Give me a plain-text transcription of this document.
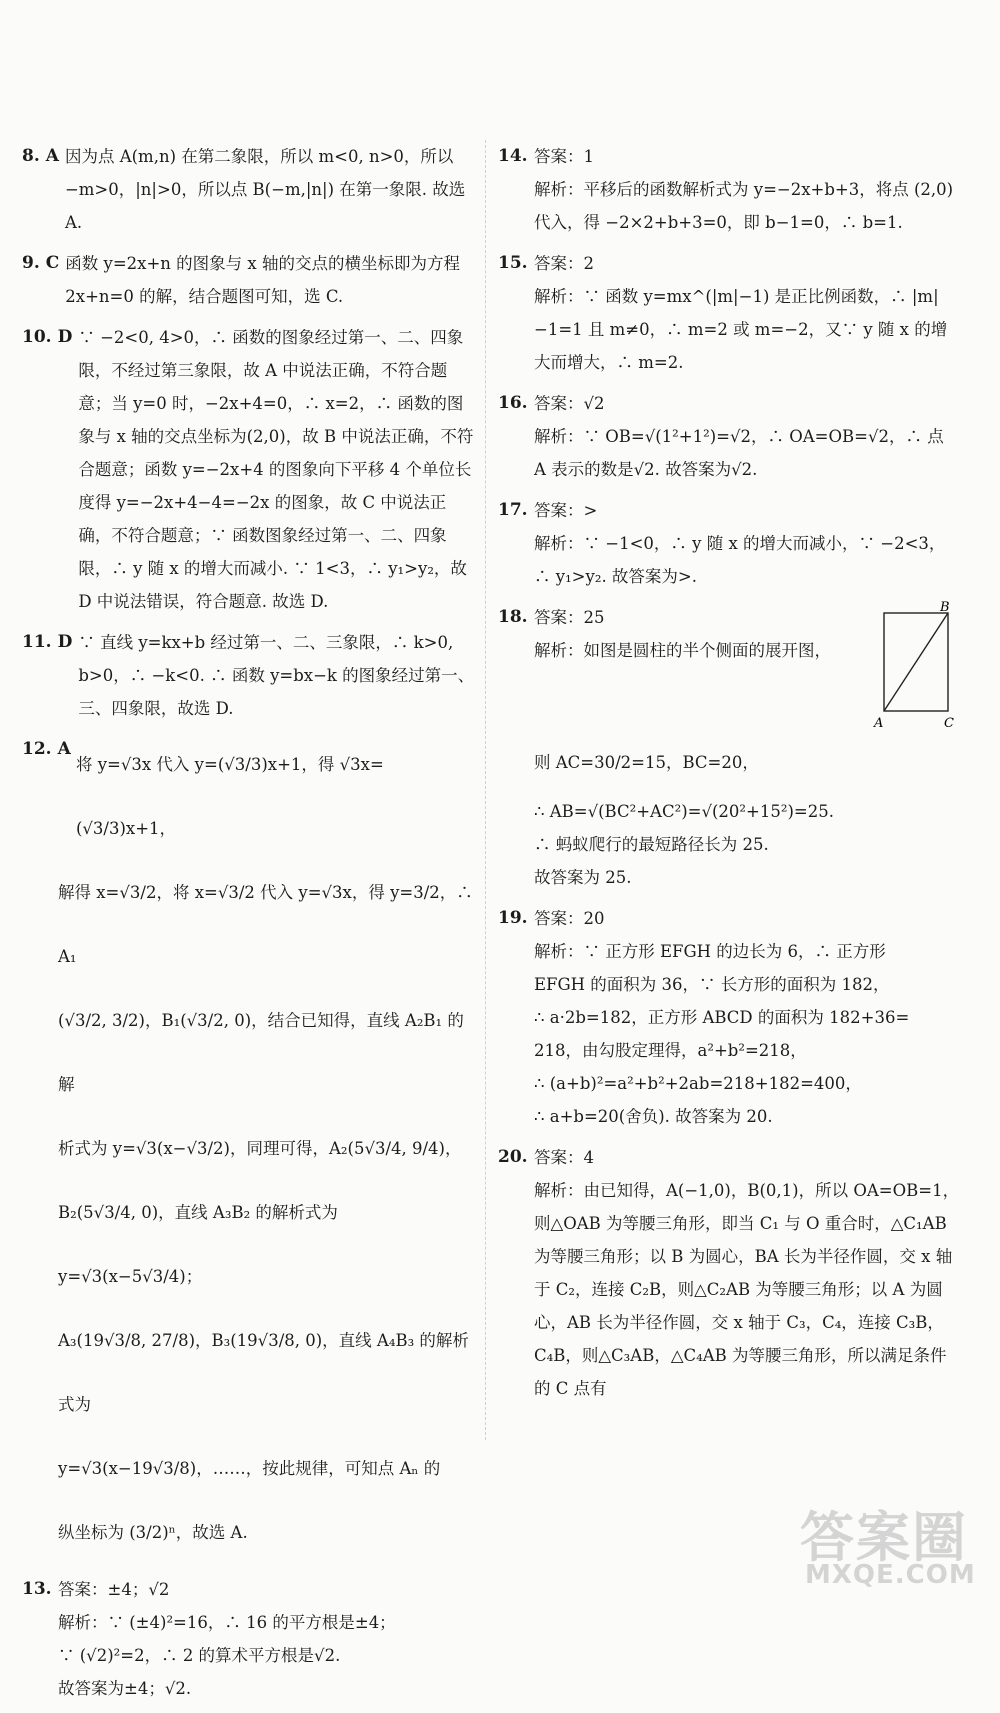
8. A 因为点 A(m,n) 在第二象限，所以 m<0, n>0，所以−m>0，|n|>0，所以点 B(−m,|n|) 在第一象限. 故选 A.
9. C 函数 y=2x+n 的图象与 x 轴的交点的横坐标即为方程 2x+n=0 的解，结合题图可知，选 C.
10. D ∵ −2<0, 4>0，∴ 函数的图象经过第一、二、四象限，不经过第三象限，故 A 中说法正确，不符合题意；当 y=0 时，−2x+4=0，∴ x=2，∴ 函数的图象与 x 轴的交点坐标为(2,0)，故 B 中说法正确，不符合题意；函数 y=−2x+4 的图象向下平移 4 个单位长度得 y=−2x+4−4=−2x 的图象，故 C 中说法正确，不符合题意；∵ 函数图象经过第一、二、四象限，∴ y 随 x 的增大而减小. ∵ 1<3，∴ y₁>y₂，故 D 中说法错误，符合题意. 故选 D.
11. D ∵ 直线 y=kx+b 经过第一、二、三象限，∴ k>0, b>0，∴ −k<0. ∴ 函数 y=bx−k 的图象经过第一、三、四象限，故选 D.
12. A
将 y=√3x 代入 y=(√3/3)x+1，得 √3x=(√3/3)x+1，
解得 x=√3/2，将 x=√3/2 代入 y=√3x，得 y=3/2，∴ A₁
(√3/2, 3/2)，B₁(√3/2, 0)，结合已知得，直线 A₂B₁ 的解
析式为 y=√3(x−√3/2)，同理可得，A₂(5√3/4, 9/4)，
B₂(5√3/4, 0)，直线 A₃B₂ 的解析式为 y=√3(x−5√3/4)；
A₃(19√3/8, 27/8)，B₃(19√3/8, 0)，直线 A₄B₃ 的解析式为
y=√3(x−19√3/8)，……，按此规律，可知点 Aₙ 的
纵坐标为 (3/2)ⁿ，故选 A.
13. 答案：±4；√2
解析：∵ (±4)²=16，∴ 16 的平方根是±4；
∵ (√2)²=2，∴ 2 的算术平方根是√2.
故答案为±4；√2.
14. 答案：1
解析：平移后的函数解析式为 y=−2x+b+3，将点 (2,0) 代入，得 −2×2+b+3=0，即 b−1=0，∴ b=1.
15. 答案：2
解析：∵ 函数 y=mx^(|m|−1) 是正比例函数，∴ |m|−1=1 且 m≠0，∴ m=2 或 m=−2，又∵ y 随 x 的增大而增大，∴ m=2.
16. 答案：√2
解析：∵ OB=√(1²+1²)=√2，∴ OA=OB=√2，∴ 点 A 表示的数是√2. 故答案为√2.
17. 答案：>
解析：∵ −1<0，∴ y 随 x 的增大而减小，∵ −2<3，∴ y₁>y₂. 故答案为>.
18. 答案：25
解析：如图是圆柱的半个侧面的展开图，
B
A	C
则 AC=30/2=15，BC=20，
∴ AB=√(BC²+AC²)=√(20²+15²)=25.
∴ 蚂蚁爬行的最短路径长为 25.
故答案为 25.
19. 答案：20
解析：∵ 正方形 EFGH 的边长为 6，∴ 正方形
EFGH 的面积为 36，∵ 长方形的面积为 182，
∴ a·2b=182，正方形 ABCD 的面积为 182+36=
218，由勾股定理得，a²+b²=218，
∴ (a+b)²=a²+b²+2ab=218+182=400，
∴ a+b=20(舍负). 故答案为 20.
20. 答案：4
解析：由已知得，A(−1,0)，B(0,1)，所以 OA=OB=1，则△OAB 为等腰三角形，即当 C₁ 与 O 重合时，△C₁AB 为等腰三角形；以 B 为圆心，BA 长为半径作圆，交 x 轴于 C₂，连接 C₂B，则△C₂AB 为等腰三角形；以 A 为圆心，AB 长为半径作圆，交 x 轴于 C₃，C₄，连接 C₃B，C₄B，则△C₃AB，△C₄AB 为等腰三角形，所以满足条件的 C 点有
答案圈
MXQE.COM
